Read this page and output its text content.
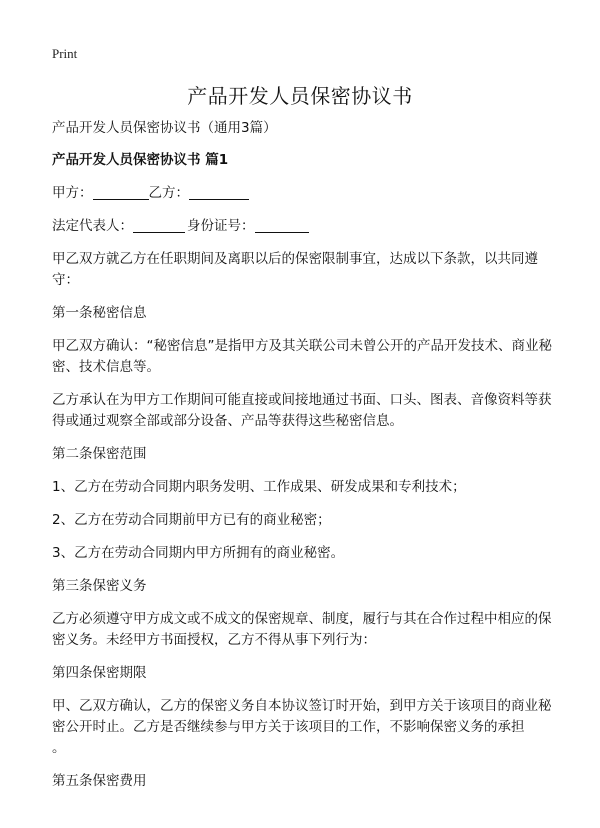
Print
产品开发人员保密协议书

产品开发人员保密协议书（通用3篇）

产品开发人员保密协议书 篇1

甲方：	乙方：

法定代表人：	身份证号：

甲乙双方就乙方在任职期间及离职以后的保密限制事宜，达成以下条款，以共同遵守：

第一条秘密信息

甲乙双方确认：“秘密信息”是指甲方及其关联公司未曾公开的产品开发技术、商业秘密、技术信息等。

乙方承认在为甲方工作期间可能直接或间接地通过书面、口头、图表、音像资料等获得或通过观察全部或部分设备、产品等获得这些秘密信息。

第二条保密范围

1、乙方在劳动合同期内职务发明、工作成果、研发成果和专利技术；

2、乙方在劳动合同期前甲方已有的商业秘密；

3、乙方在劳动合同期内甲方所拥有的商业秘密。

第三条保密义务

乙方必须遵守甲方成文或不成文的保密规章、制度，履行与其在合作过程中相应的保密义务。未经甲方书面授权，乙方不得从事下列行为：

第四条保密期限

甲、乙双方确认，乙方的保密义务自本协议签订时开始，到甲方关于该项目的商业秘密公开时止。乙方是否继续参与甲方关于该项目的工作，不影响保密义务的承担
。

第五条保密费用
